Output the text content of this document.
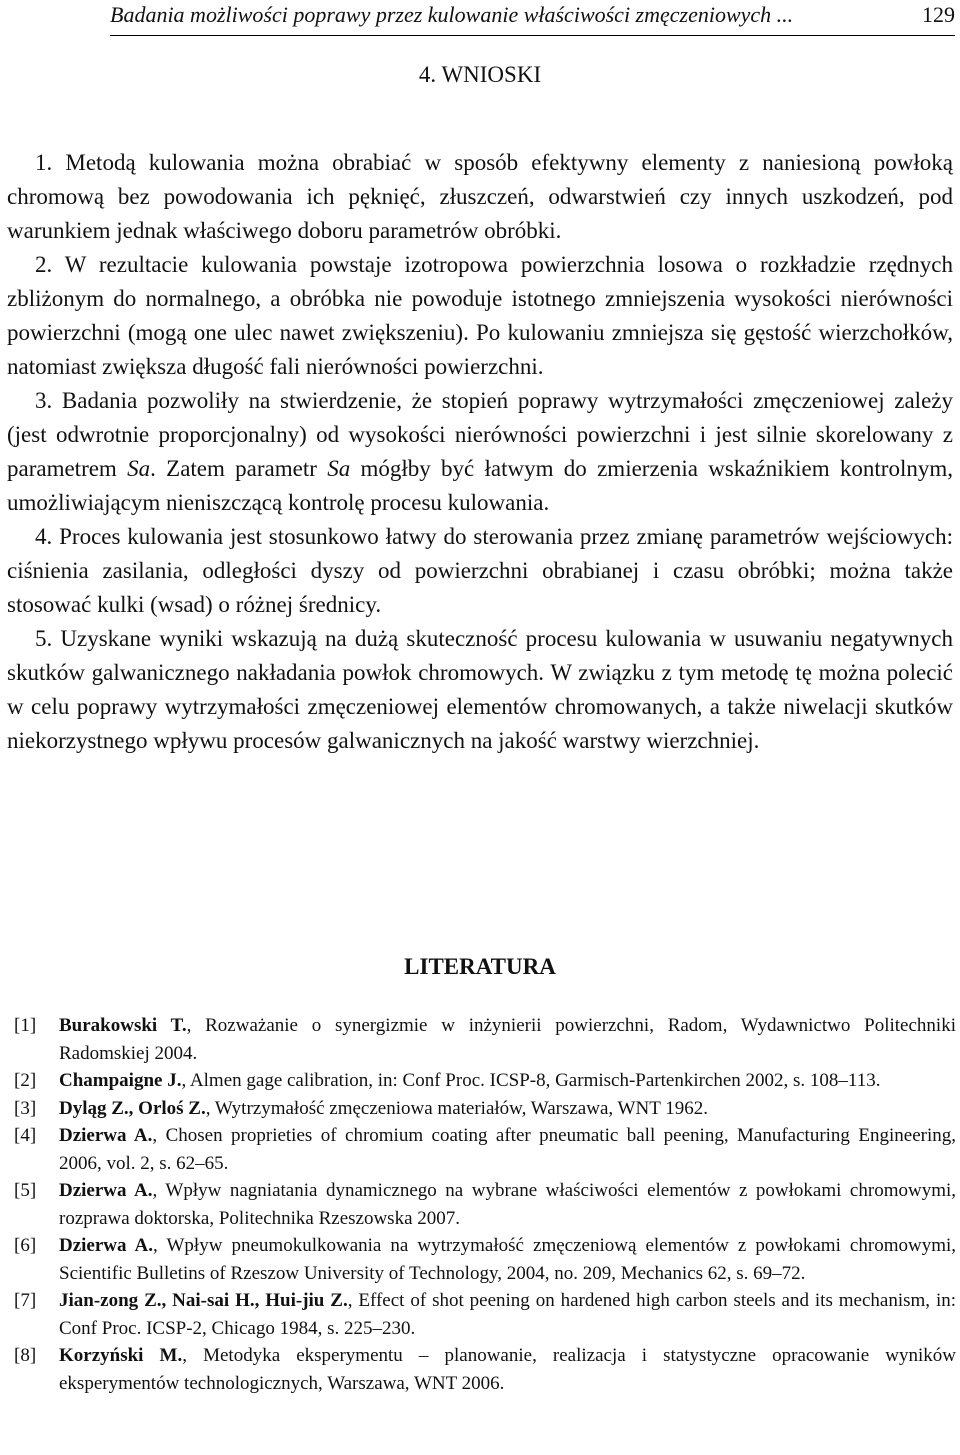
Badania możliwości poprawy przez kulowanie właściwości zmęczeniowych ...	129
4. WNIOSKI

1. Metodą kulowania można obrabiać w sposób efektywny elementy z naniesioną powłoką chromową bez powodowania ich pęknięć, złuszczeń, odwarstwień czy innych uszkodzeń, pod warunkiem jednak właściwego doboru parametrów obróbki.

2. W rezultacie kulowania powstaje izotropowa powierzchnia losowa o rozkładzie rzędnych zbliżonym do normalnego, a obróbka nie powoduje istotnego zmniejszenia wysokości nierówności powierzchni (mogą one ulec nawet zwiększeniu). Po kulowaniu zmniejsza się gęstość wierzchołków, natomiast zwiększa długość fali nierówności powierzchni.

3. Badania pozwoliły na stwierdzenie, że stopień poprawy wytrzymałości zmęczeniowej zależy (jest odwrotnie proporcjonalny) od wysokości nierówności powierzchni i jest silnie skorelowany z parametrem Sa. Zatem parametr Sa mógłby być łatwym do zmierzenia wskaźnikiem kontrolnym, umożliwiającym nieniszczącą kontrolę procesu kulowania.

4. Proces kulowania jest stosunkowo łatwy do sterowania przez zmianę parametrów wejściowych: ciśnienia zasilania, odległości dyszy od powierzchni obrabianej i czasu obróbki; można także stosować kulki (wsad) o różnej średnicy.

5. Uzyskane wyniki wskazują na dużą skuteczność procesu kulowania w usuwaniu negatywnych skutków galwanicznego nakładania powłok chromowych. W związku z tym metodę tę można polecić w celu poprawy wytrzymałości zmęczeniowej elementów chromowanych, a także niwelacji skutków niekorzystnego wpływu procesów galwanicznych na jakość warstwy wierzchniej.

LITERATURA
[1] Burakowski T., Rozważanie o synergizmie w inżynierii powierzchni, Radom, Wydawnictwo Politechniki Radomskiej 2004.
[2] Champaigne J., Almen gage calibration, in: Conf Proc. ICSP-8, Garmisch-Partenkirchen 2002, s. 108–113.
[3] Dyląg Z., Orloś Z., Wytrzymałość zmęczeniowa materiałów, Warszawa, WNT 1962.
[4] Dzierwa A., Chosen proprieties of chromium coating after pneumatic ball peening, Manufacturing Engineering, 2006, vol. 2, s. 62–65.
[5] Dzierwa A., Wpływ nagniatania dynamicznego na wybrane właściwości elementów z powłokami chromowymi, rozprawa doktorska, Politechnika Rzeszowska 2007.
[6] Dzierwa A., Wpływ pneumokulkowania na wytrzymałość zmęczeniową elementów z powłokami chromowymi, Scientific Bulletins of Rzeszow University of Technology, 2004, no. 209, Mechanics 62, s. 69–72.
[7] Jian-zong Z., Nai-sai H., Hui-jiu Z., Effect of shot peening on hardened high carbon steels and its mechanism, in: Conf Proc. ICSP-2, Chicago 1984, s. 225–230.
[8] Korzyński M., Metodyka eksperymentu – planowanie, realizacja i statystyczne opracowanie wyników eksperymentów technologicznych, Warszawa, WNT 2006.
